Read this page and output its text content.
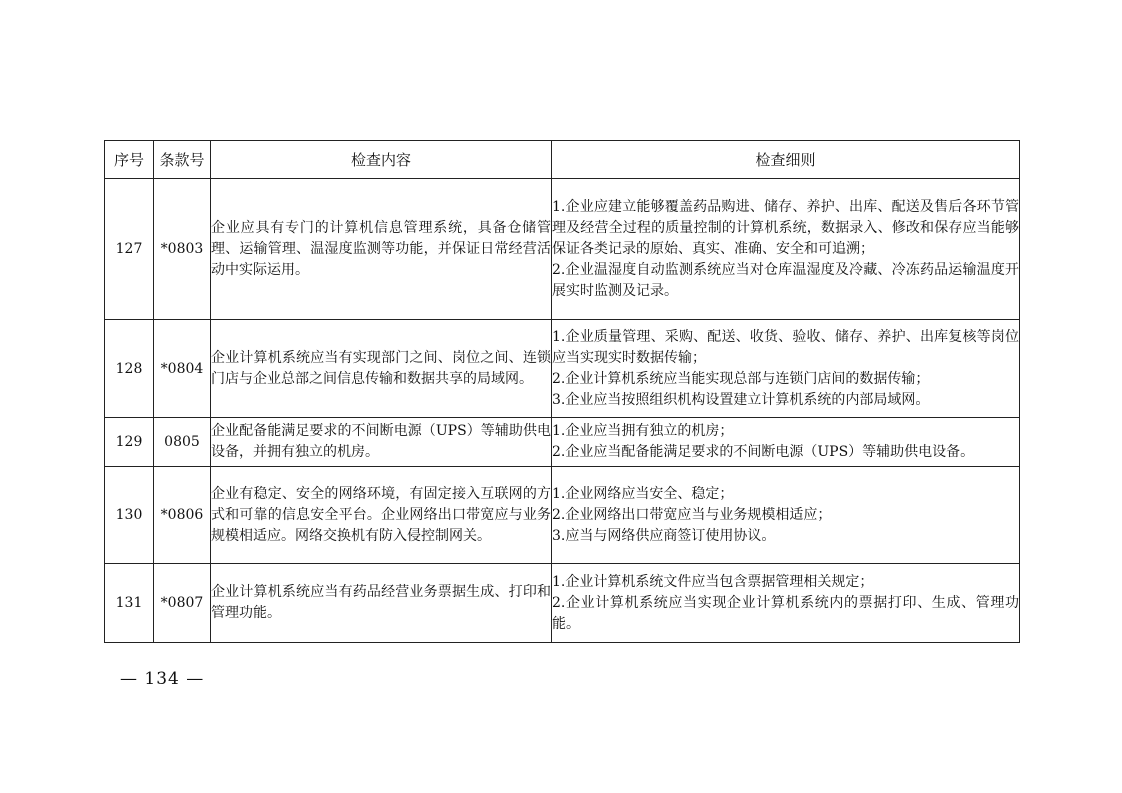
序号	条款号	检查内容	检查细则
127	*0803	企业应具有专门的计算机信息管理系统，具备仓储管理、运输管理、温湿度监测等功能，并保证日常经营活动中实际运用。	1.企业应建立能够覆盖药品购进、储存、养护、出库、配送及售后各环节管理及经营全过程的质量控制的计算机系统，数据录入、修改和保存应当能够保证各类记录的原始、真实、准确、安全和可追溯；
2.企业温湿度自动监测系统应当对仓库温湿度及冷藏、冷冻药品运输温度开展实时监测及记录。

128	*0804	企业计算机系统应当有实现部门之间、岗位之间、连锁门店与企业总部之间信息传输和数据共享的局域网。	1.企业质量管理、采购、配送、收货、验收、储存、养护、出库复核等岗位应当实现实时数据传输；
2.企业计算机系统应当能实现总部与连锁门店间的数据传输；
3.企业应当按照组织机构设置建立计算机系统的内部局域网。

129	0805	企业配备能满足要求的不间断电源（UPS）等辅助供电设备，并拥有独立的机房。	1.企业应当拥有独立的机房；
2.企业应当配备能满足要求的不间断电源（UPS）等辅助供电设备。

130	*0806	企业有稳定、安全的网络环境，有固定接入互联网的方式和可靠的信息安全平台。企业网络出口带宽应与业务规模相适应。网络交换机有防入侵控制网关。	1.企业网络应当安全、稳定；
2.企业网络出口带宽应当与业务规模相适应；
3.应当与网络供应商签订使用协议。

131	*0807	企业计算机系统应当有药品经营业务票据生成、打印和管理功能。	1.企业计算机系统文件应当包含票据管理相关规定；
2.企业计算机系统应当实现企业计算机系统内的票据打印、生成、管理功能。
— 134 —
